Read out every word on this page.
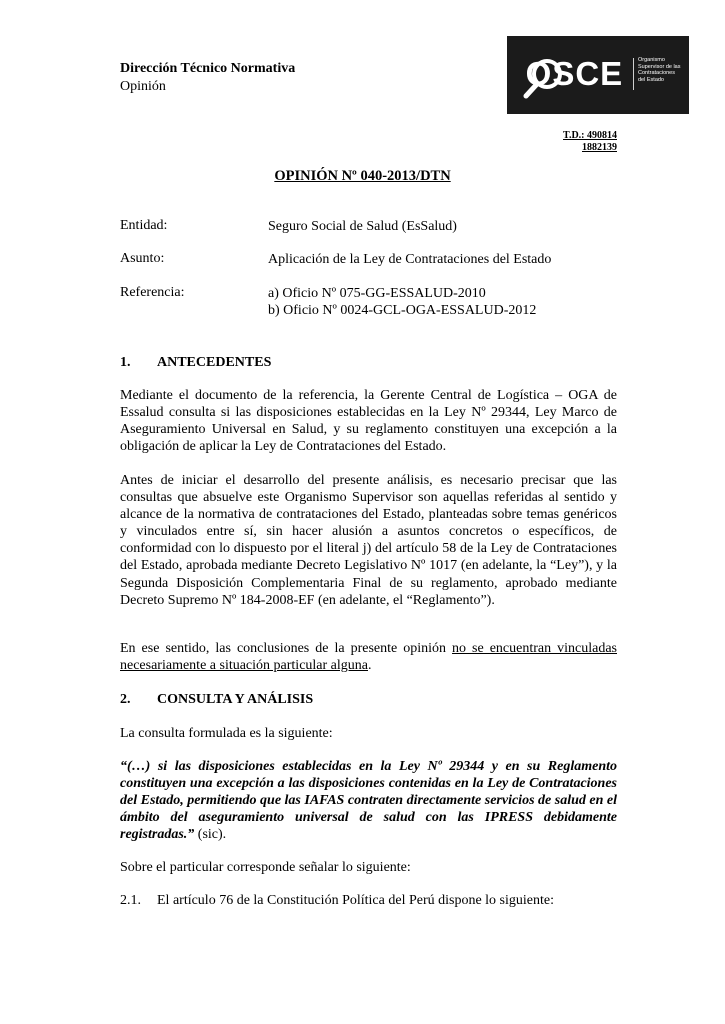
Dirección Técnico Normativa
Opinión	OSCE	Organismo
Supervisor de las
Contrataciones
del Estado
T.D.: 490814
1882139
OPINIÓN Nº 040-2013/DTN
Entidad:	Seguro Social de Salud (EsSalud)
Asunto:	Aplicación de la Ley de Contrataciones del Estado
Referencia:	a) Oficio Nº 075-GG-ESSALUD-2010
b) Oficio Nº 0024-GCL-OGA-ESSALUD-2012
1. ANTECEDENTES
Mediante el documento de la referencia, la Gerente Central de Logística – OGA de Essalud consulta si las disposiciones establecidas en la Ley Nº 29344, Ley Marco de Aseguramiento Universal en Salud, y su reglamento constituyen una excepción a la obligación de aplicar la Ley de Contrataciones del Estado.
Antes de iniciar el desarrollo del presente análisis, es necesario precisar que las consultas que absuelve este Organismo Supervisor son aquellas referidas al sentido y alcance de la normativa de contrataciones del Estado, planteadas sobre temas genéricos y vinculados entre sí, sin hacer alusión a asuntos concretos o específicos, de conformidad con lo dispuesto por el literal j) del artículo 58 de la Ley de Contrataciones del Estado, aprobada mediante Decreto Legislativo Nº 1017 (en adelante, la “Ley”), y la Segunda Disposición Complementaria Final de su reglamento, aprobado mediante Decreto Supremo Nº 184-2008-EF (en adelante, el “Reglamento”).
En ese sentido, las conclusiones de la presente opinión no se encuentran vinculadas necesariamente a situación particular alguna.
2. CONSULTA Y ANÁLISIS
La consulta formulada es la siguiente:
“(…) si las disposiciones establecidas en la Ley Nº 29344 y en su Reglamento constituyen una excepción a las disposiciones contenidas en la Ley de Contrataciones del Estado, permitiendo que las IAFAS contraten directamente servicios de salud en el ámbito del aseguramiento universal de salud con las IPRESS debidamente registradas.” (sic).
Sobre el particular corresponde señalar lo siguiente:
2.1. El artículo 76 de la Constitución Política del Perú dispone lo siguiente:
